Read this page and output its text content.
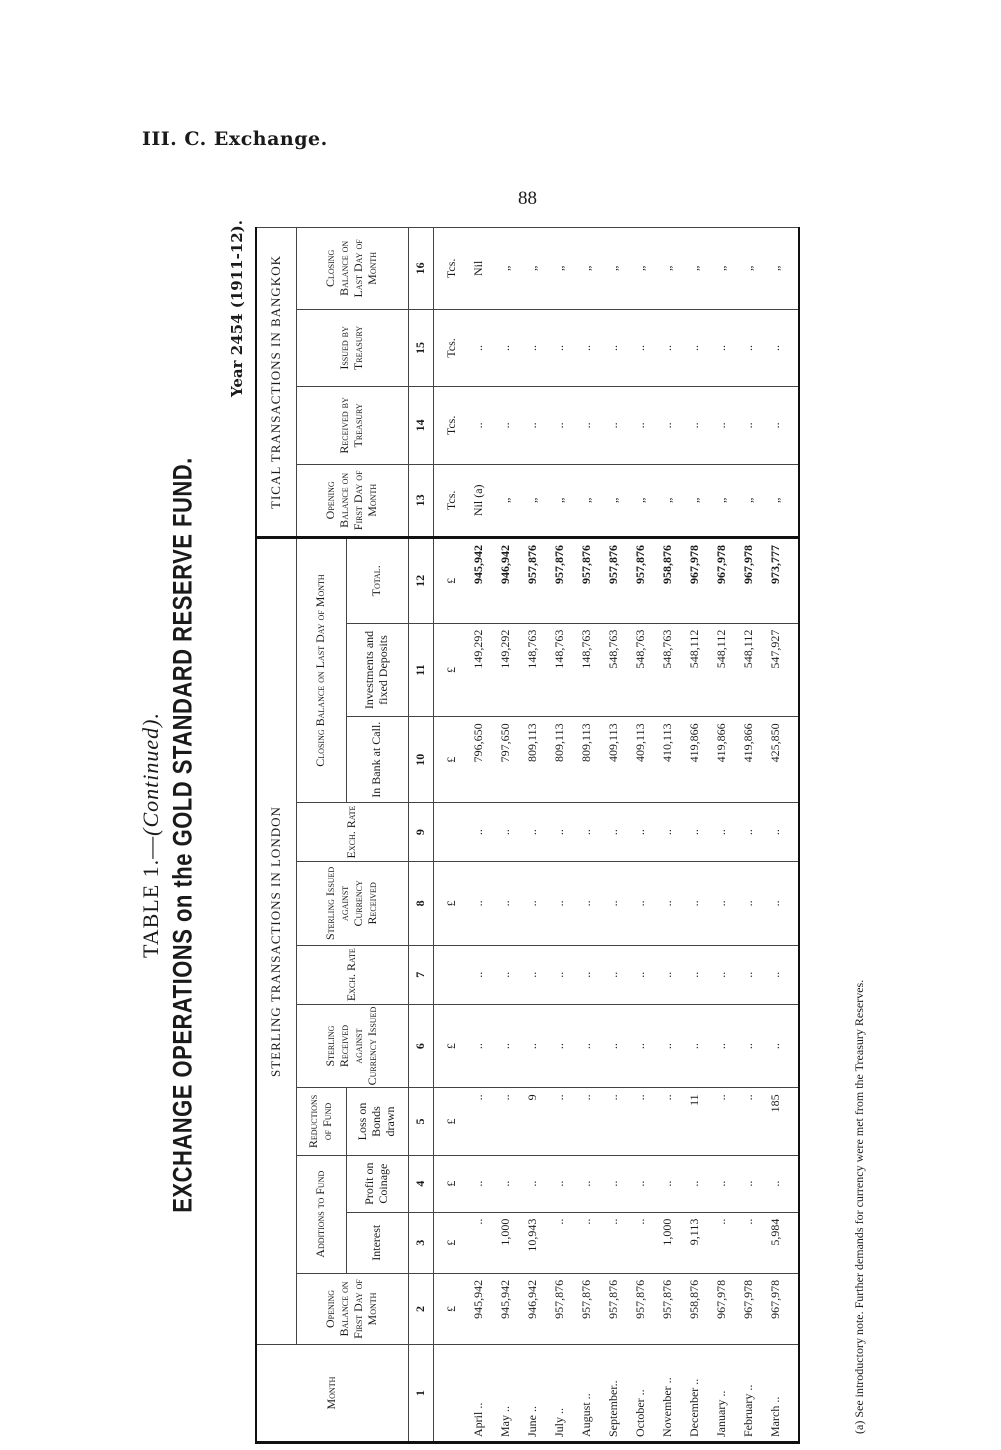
III. C. Exchange.
88
TABLE 1.—(Continued). EXCHANGE OPERATIONS on the GOLD STANDARD RESERVE FUND.
Year 2454 (1911-12).
Month	STERLING TRANSACTIONS IN LONDON											TICAL TRANSACTIONS IN BANGKOK			
	Opening Balance on First Day of Month	Additions to Fund		Reductions of Fund	Sterling Received against Currency Issued	Exch. Rate	Sterling Issued against Currency Received	Exch. Rate	Closing Balance on Last Day of Month			Opening Balance on First Day of Month	Received by Treasury	Issued by Treasury	Closing Balance on Last Day of Month
		Interest	Profit on Coinage	Loss on Bonds drawn					In Bank at Call.	Investments and fixed Deposits	Total.				
1	2	3	4	5	6	7	8	9	10	11	12	13	14	15	16
	£	£	£	£	£		£		£	£	£	Tcs.	Tcs.	Tcs.	Tcs.
April ..	945,942	..	..	..	..	..	..	..	796,650	149,292	945,942	Nil (a)	..	..	Nil
May ..	945,942	1,000	..	..	..	..	..	..	797,650	149,292	946,942	„	..	..	„
June ..	946,942	10,943	..	9	..	..	..	..	809,113	148,763	957,876	„	..	..	„
July ..	957,876	..	..	..	..	..	..	..	809,113	148,763	957,876	„	..	..	„
August ..	957,876	..	..	..	..	..	..	..	809,113	148,763	957,876	„	..	..	„
September..	957,876	..	..	..	..	..	..	..	409,113	548,763	957,876	„	..	..	„
October ..	957,876	..	..	..	..	..	..	..	409,113	548,763	957,876	„	..	..	„
November ..	957,876	1,000	..	..	..	..	..	..	410,113	548,763	958,876	„	..	..	„
December ..	958,876	9,113	..	11	..	..	..	..	419,866	548,112	967,978	„	..	..	„
January ..	967,978	..	..	..	..	..	..	..	419,866	548,112	967,978	„	..	..	„
February ..	967,978	..	..	..	..	..	..	..	419,866	548,112	967,978	„	..	..	„
March ..	967,978	5,984	..	185	..	..	..	..	425,850	547,927	973,777	„	..	..	„

(a) See introductory note. Further demands for currency were met from the Treasury Reserves.
